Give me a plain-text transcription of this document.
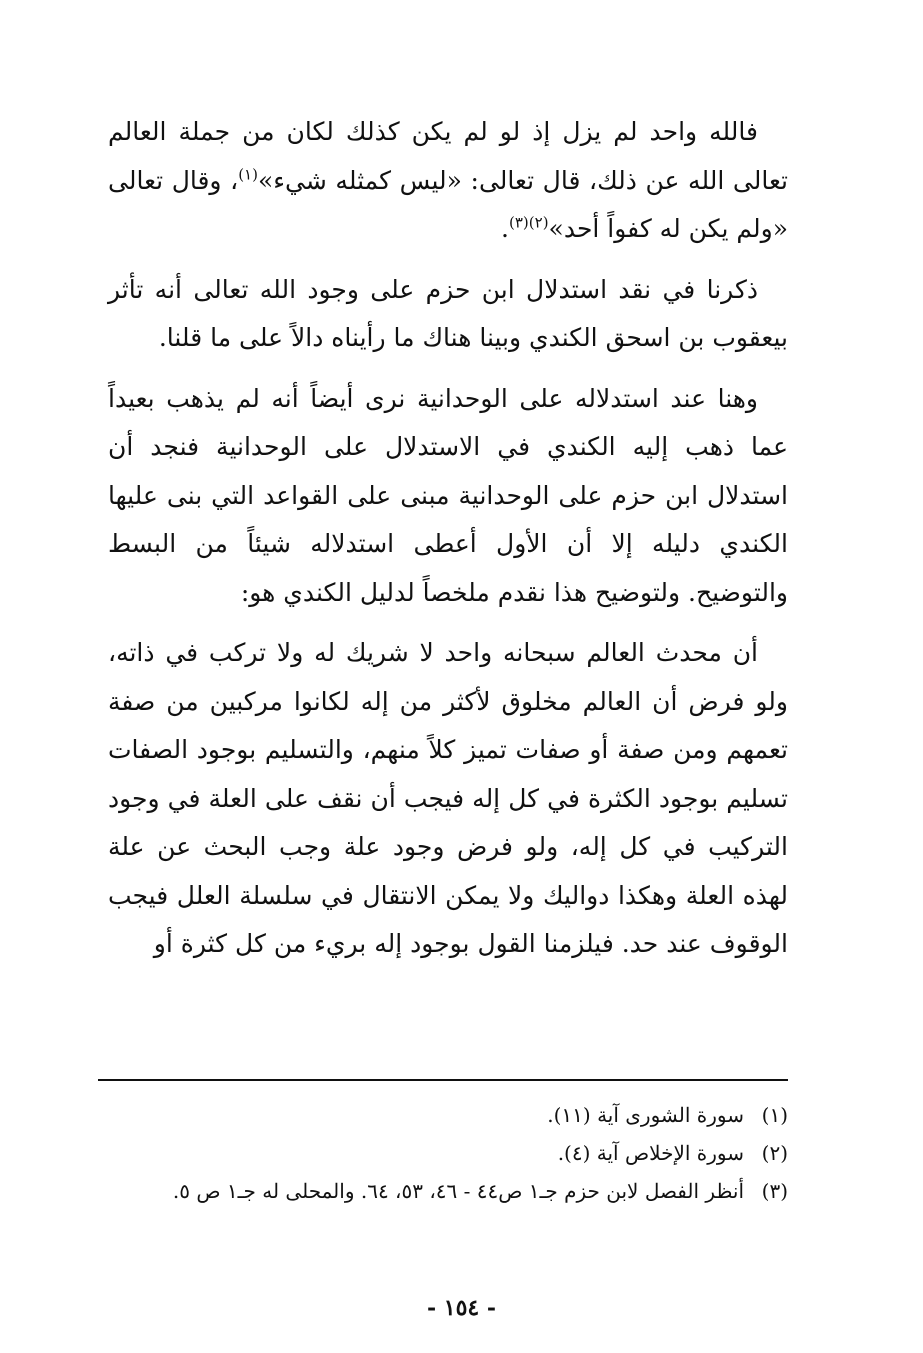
فالله واحد لم يزل إذ لو لم يكن كذلك لكان من جملة العالم تعالى الله عن ذلك، قال تعالى: «ليس كمثله شيء»$^{(١)}$، وقال تعالى «ولم يكن له كفواً أحد»$^{(٢)(٣)}$.

ذكرنا في نقد استدلال ابن حزم على وجود الله تعالى أنه تأثر بيعقوب بن اسحق الكندي وبينا هناك ما رأيناه دالاً على ما قلنا.

وهنا عند استدلاله على الوحدانية نرى أيضاً أنه لم يذهب بعيداً عما ذهب إليه الكندي في الاستدلال على الوحدانية فنجد أن استدلال ابن حزم على الوحدانية مبنى على القواعد التي بنى عليها الكندي دليله إلا أن الأول أعطى استدلاله شيئاً من البسط والتوضيح. ولتوضيح هذا نقدم ملخصاً لدليل الكندي هو:

أن محدث العالم سبحانه واحد لا شريك له ولا تركب في ذاته، ولو فرض أن العالم مخلوق لأكثر من إله لكانوا مركبين من صفة تعمهم ومن صفة أو صفات تميز كلاً منهم، والتسليم بوجود الصفات تسليم بوجود الكثرة في كل إله فيجب أن نقف على العلة في وجود التركيب في كل إله، ولو فرض وجود علة وجب البحث عن علة لهذه العلة وهكذا دواليك ولا يمكن الانتقال في سلسلة العلل فيجب الوقوف عند حد. فيلزمنا القول بوجود إله بريء من كل كثرة أو

(١)
سورة الشورى آية (١١).
(٢)
سورة الإخلاص آية (٤).
(٣)
أنظر الفصل لابن حزم جـ١ ص٤٤ - ٤٦، ٥٣، ٦٤. والمحلى له جـ١ ص ٥.
- ١٥٤ -
